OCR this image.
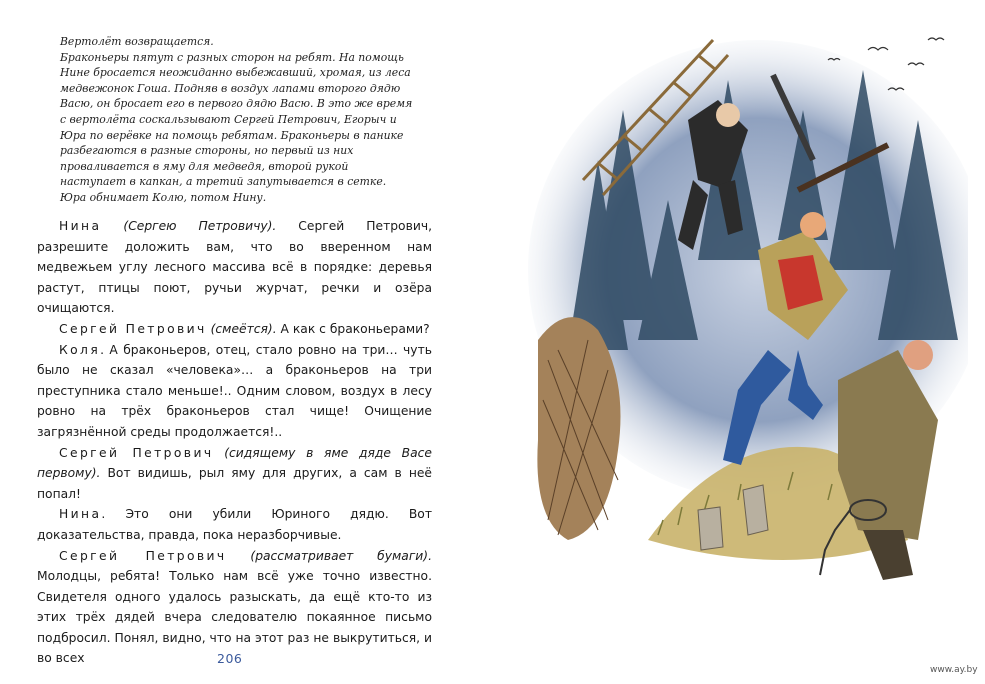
Вертолёт возвращается.

Браконьеры пятут с разных сторон на ребят. На помощь Нине бросается неожиданно выбежавший, хромая, из леса медвежонок Гоша. Подняв в воздух лапами второго дядю Васю, он бросает его в первого дядю Васю. В это же время с вертолёта соскальзывают Сергей Петрович, Егорыч и Юра по верёвке на помощь ребятам. Браконьеры в панике разбегаются в разные стороны, но первый из них проваливается в яму для медведя, второй рукой наступает в капкан, а третий запутывается в сетке. Юра обнимает Колю, потом Нину.

Нина (Сергею Петровичу). Сергей Петрович, разрешите доложить вам, что во вверенном нам медвежьем углу лесного массива всё в порядке: деревья растут, птицы поют, ручьи журчат, речки и озёра очищаются.

Сергей Петрович (смеётся). А как с браконьерами?

Коля. А браконьеров, отец, стало ровно на три… чуть было не сказал «человека»… а браконьеров на три преступника стало меньше!.. Одним словом, воздух в лесу ровно на трёх браконьеров стал чище! Очищение загрязнённой среды продолжается!..

Сергей Петрович (сидящему в яме дяде Васе первому). Вот видишь, рыл яму для других, а сам в неё попал!

Нина. Это они убили Юриного дядю. Вот доказательства, правда, пока неразборчивые.

Сергей Петрович (рассматривает бумаги). Молодцы, ребята! Только нам всё уже точно известно. Свидетеля одного удалось разыскать, да ещё кто-то из этих трёх дядей вчера следователю покаянное письмо подбросил. Понял, видно, что на этот раз не выкрутиться, и во всех	206
www.ay.by
